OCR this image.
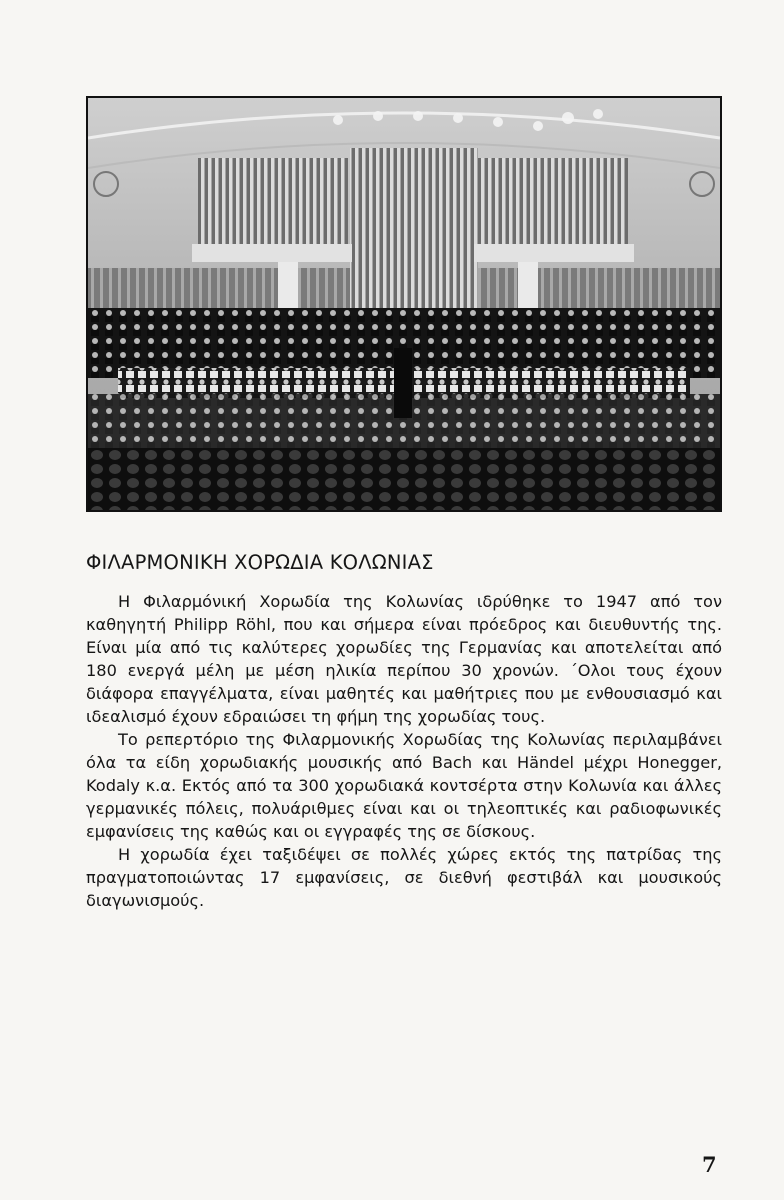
ΦΙΛΑΡΜΟΝΙΚΗ ΧΟΡΩΔΙΑ ΚΟΛΩΝΙΑΣ

Η Φιλαρμόνική Χορωδία της Κολωνίας ιδρύθηκε το 1947 από τον καθηγητή Philipp Röhl, που και σήμερα είναι πρόεδρος και διευθυντής της. Είναι μία από τις καλύτερες χορωδίες της Γερμανίας και αποτελείται από 180 ενεργά μέλη με μέση ηλικία περίπου 30 χρονών. ΄Ολοι τους έχουν διάφορα επαγγέλματα, είναι μαθητές και μαθήτριες που με ενθουσιασμό και ιδεαλισμό έχουν εδραιώσει τη φήμη της χορωδίας τους.

Το ρεπερτόριο της Φιλαρμονικής Χορωδίας της Κολωνίας περιλαμβάνει όλα τα είδη χορωδιακής μουσικής από Bach και Händel μέχρι Honegger, Kodaly κ.α. Εκτός από τα 300 χορωδιακά κοντσέρτα στην Κολωνία και άλλες γερμανικές πόλεις, πολυάριθμες είναι και οι τηλεοπτικές και ραδιοφωνικές εμφανίσεις της καθώς και οι εγγραφές της σε δίσκους.

Η χορωδία έχει ταξιδέψει σε πολλές χώρες εκτός της πατρίδας της πραγματοποιώντας 17 εμφανίσεις, σε διεθνή φεστιβάλ και μουσικούς διαγωνισμούς.

7
